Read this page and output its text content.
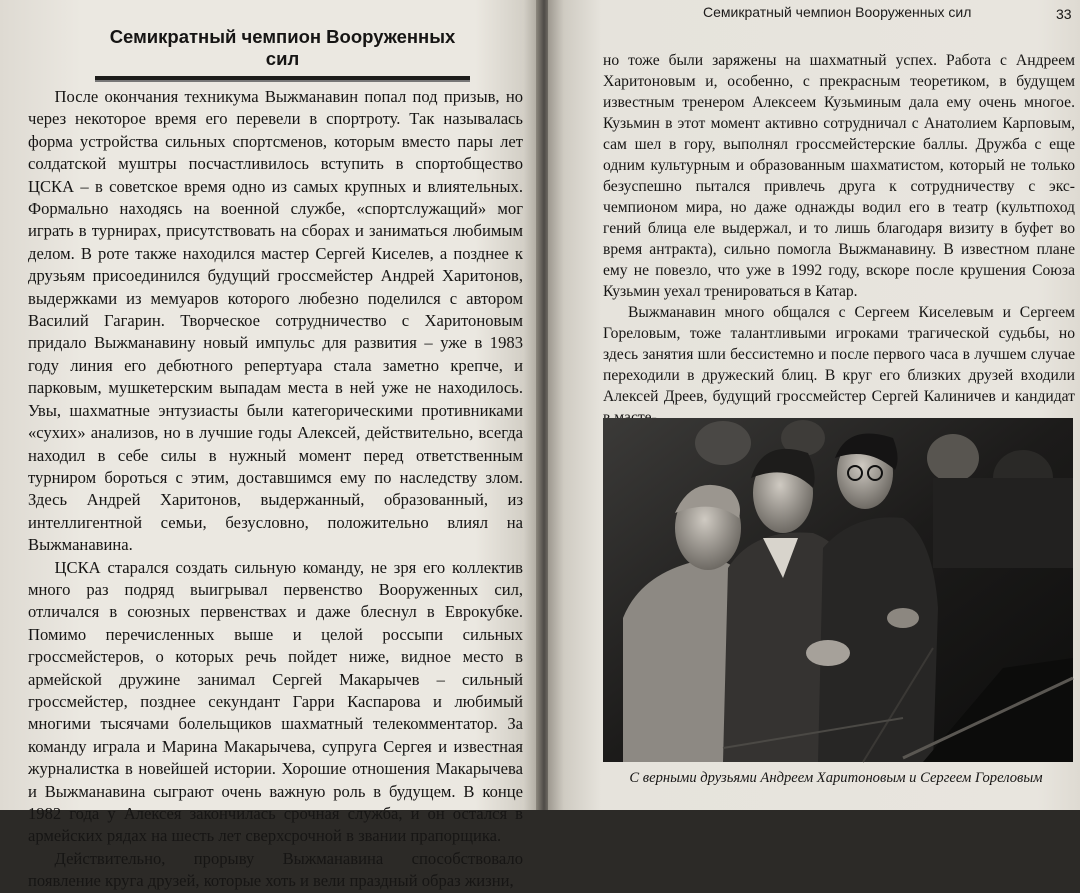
Семикратный чемпион Вооруженных сил

После окончания техникума Выжманавин попал под призыв, но через некоторое время его перевели в спортроту. Так называлась форма устройства сильных спортсменов, которым вместо пары лет солдатской муштры посчастливилось вступить в спортобщество ЦСКА – в советское время одно из самых крупных и влиятельных. Формально находясь на военной службе, «спортслужащий» мог играть в турнирах, присутствовать на сборах и заниматься любимым делом. В роте также находился мастер Сергей Киселев, а позднее к друзьям присоединился будущий гроссмейстер Андрей Харитонов, выдержками из мемуаров которого любезно поделился с автором Василий Гагарин. Творческое сотрудничество с Харитоновым придало Выжманавину новый импульс для развития – уже в 1983 году линия его дебютного репертуара стала заметно крепче, и парковым, мушкетерским выпадам места в ней уже не находилось. Увы, шахматные энтузиасты были категорическими противниками «сухих» анализов, но в лучшие годы Алексей, действительно, всегда находил в себе силы в нужный момент перед ответственным турниром бороться с этим, доставшимся ему по наследству злом. Здесь Андрей Харитонов, выдержанный, образованный, из интеллигентной семьи, безусловно, положительно влиял на Выжманавина.

ЦСКА старался создать сильную команду, не зря его коллектив много раз подряд выигрывал первенство Вооруженных сил, отличался в союзных первенствах и даже блеснул в Еврокубке. Помимо перечисленных выше и целой россыпи сильных гроссмейстеров, о которых речь пойдет ниже, видное место в армейской дружине занимал Сергей Макарычев – сильный гроссмейстер, позднее секундант Гарри Каспарова и любимый многими тысячами болельщиков шахматный телекомментатор. За команду играла и Марина Макарычева, супруга Сергея и известная журналистка в новейшей истории. Хорошие отношения Макарычева и Выжманавина сыграют очень важную роль в будущем. В конце 1982 года у Алексея закончилась срочная служба, и он остался в армейских рядах на шесть лет сверхсрочной в звании прапорщика.

Действительно, прорыву Выжманавина способствовало появление круга друзей, которые хоть и вели праздный образ жизни,

Семикратный чемпион Вооруженных сил	33

но тоже были заряжены на шахматный успех. Работа с Андреем Харитоновым и, особенно, с прекрасным теоретиком, в будущем известным тренером Алексеем Кузьминым дала ему очень многое. Кузьмин в этот момент активно сотрудничал с Анатолием Карповым, сам шел в гору, выполнял гроссмейстерские баллы. Дружба с еще одним культурным и образованным шахматистом, который не только безуспешно пытался привлечь друга к сотрудничеству с экс-чемпионом мира, но даже однажды водил его в театр (культпоход гений блица еле выдержал, и то лишь благодаря визиту в буфет во время антракта), сильно помогла Выжманавину. В известном плане ему не повезло, что уже в 1992 году, вскоре после крушения Союза Кузьмин уехал тренироваться в Катар.

Выжманавин много общался с Сергеем Киселевым и Сергеем Гореловым, тоже талантливыми игроками трагической судьбы, но здесь занятия шли бессистемно и после первого часа в лучшем случае переходили в дружеский блиц. В круг его близких друзей входили Алексей Дреев, будущий гроссмейстер Сергей Калиничев и кандидат

С верными друзьями Андреем Харитоновым и Сергеем Гореловым
